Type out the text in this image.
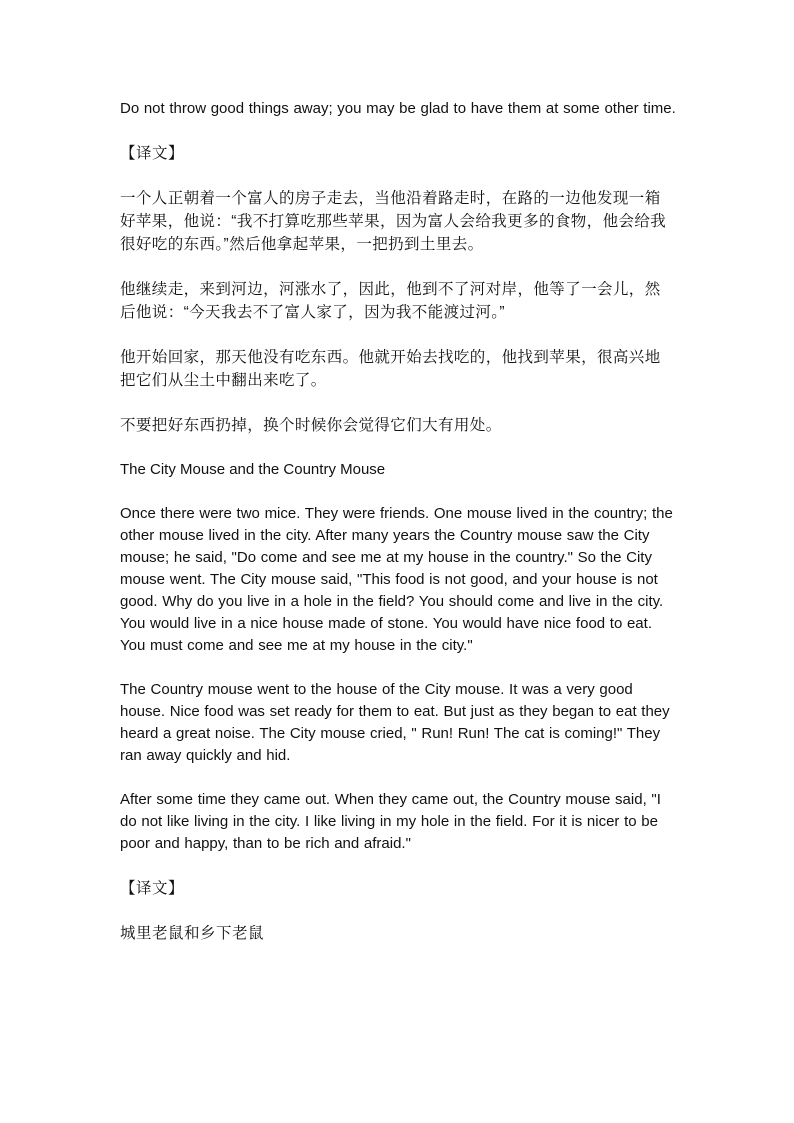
Do not throw good things away; you may be glad to have them at some other time.

【译文】

一个人正朝着一个富人的房子走去，当他沿着路走时，在路的一边他发现一箱好苹果，他说：“我不打算吃那些苹果，因为富人会给我更多的食物，他会给我很好吃的东西。”然后他拿起苹果，一把扔到土里去。

他继续走，来到河边，河涨水了，因此，他到不了河对岸，他等了一会儿，然后他说：“今天我去不了富人家了，因为我不能渡过河。”

他开始回家，那天他没有吃东西。他就开始去找吃的，他找到苹果，很高兴地把它们从尘土中翻出来吃了。

不要把好东西扔掉，换个时候你会觉得它们大有用处。

The City Mouse and the Country Mouse

Once there were two mice. They were friends. One mouse lived in the country; the other mouse lived in the city. After many years the Country mouse saw the City mouse; he said, "Do come and see me at my house in the country." So the City mouse went. The City mouse said, "This food is not good, and your house is not good. Why do you live in a hole in the field? You should come and live in the city. You would live in a nice house made of stone. You would have nice food to eat. You must come and see me at my house in the city."

The Country mouse went to the house of the City mouse. It was a very good house. Nice food was set ready for them to eat. But just as they began to eat they heard a great noise. The City mouse cried, " Run! Run! The cat is coming!" They ran away quickly and hid.

After some time they came out. When they came out, the Country mouse said, "I do not like living in the city. I like living in my hole in the field. For it is nicer to be poor and happy, than to be rich and afraid."

【译文】

城里老鼠和乡下老鼠
